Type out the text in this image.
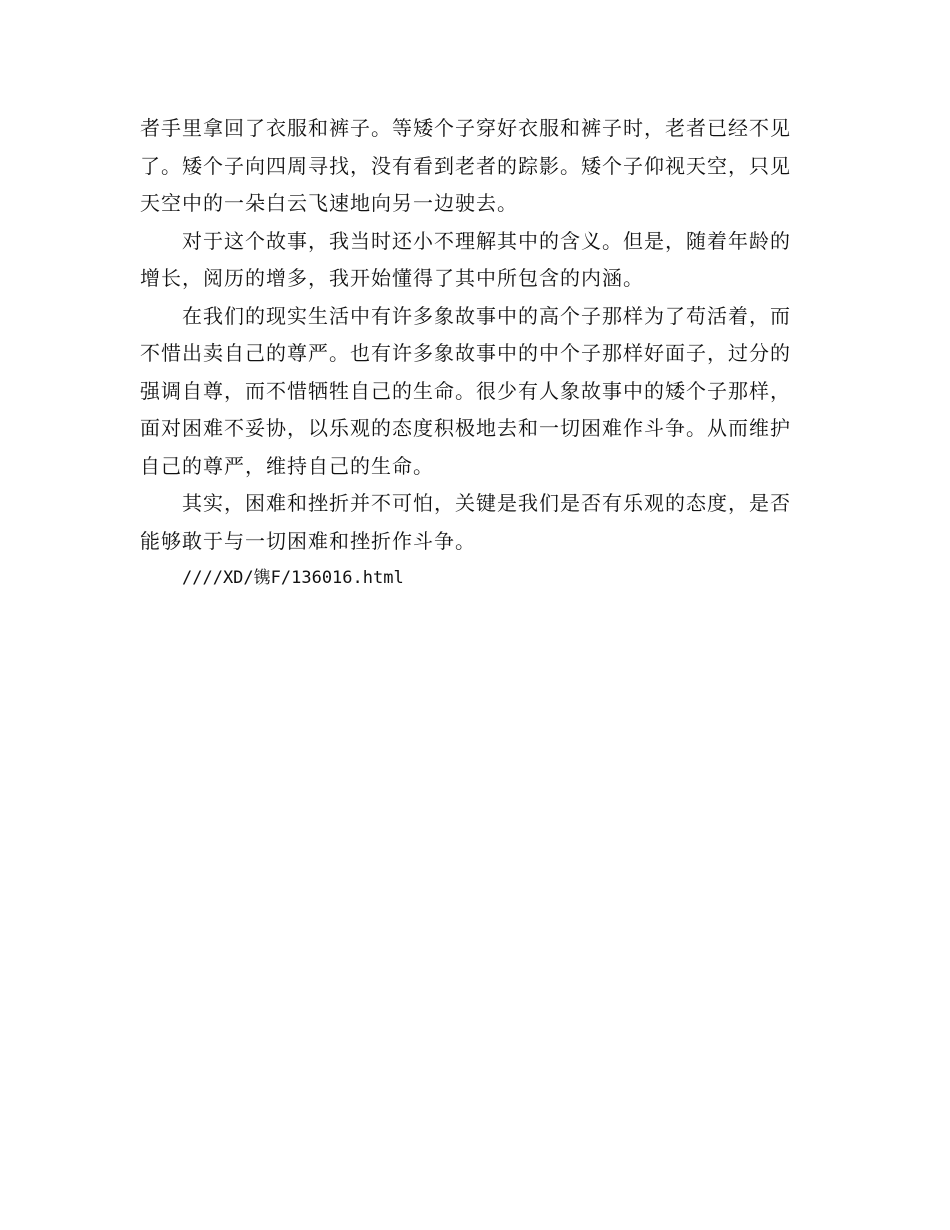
者手里拿回了衣服和裤子。等矮个子穿好衣服和裤子时，老者已经不见
了。矮个子向四周寻找，没有看到老者的踪影。矮个子仰视天空，只见
天空中的一朵白云飞速地向另一边驶去。
对于这个故事，我当时还小不理解其中的含义。但是，随着年龄的
增长，阅历的增多，我开始懂得了其中所包含的内涵。
在我们的现实生活中有许多象故事中的高个子那样为了苟活着，而
不惜出卖自己的尊严。也有许多象故事中的中个子那样好面子，过分的
强调自尊，而不惜牺牲自己的生命。很少有人象故事中的矮个子那样，
面对困难不妥协，以乐观的态度积极地去和一切困难作斗争。从而维护
自己的尊严，维持自己的生命。
其实，困难和挫折并不可怕，关键是我们是否有乐观的态度，是否
能够敢于与一切困难和挫折作斗争。
////XD/镌F/136016.html
